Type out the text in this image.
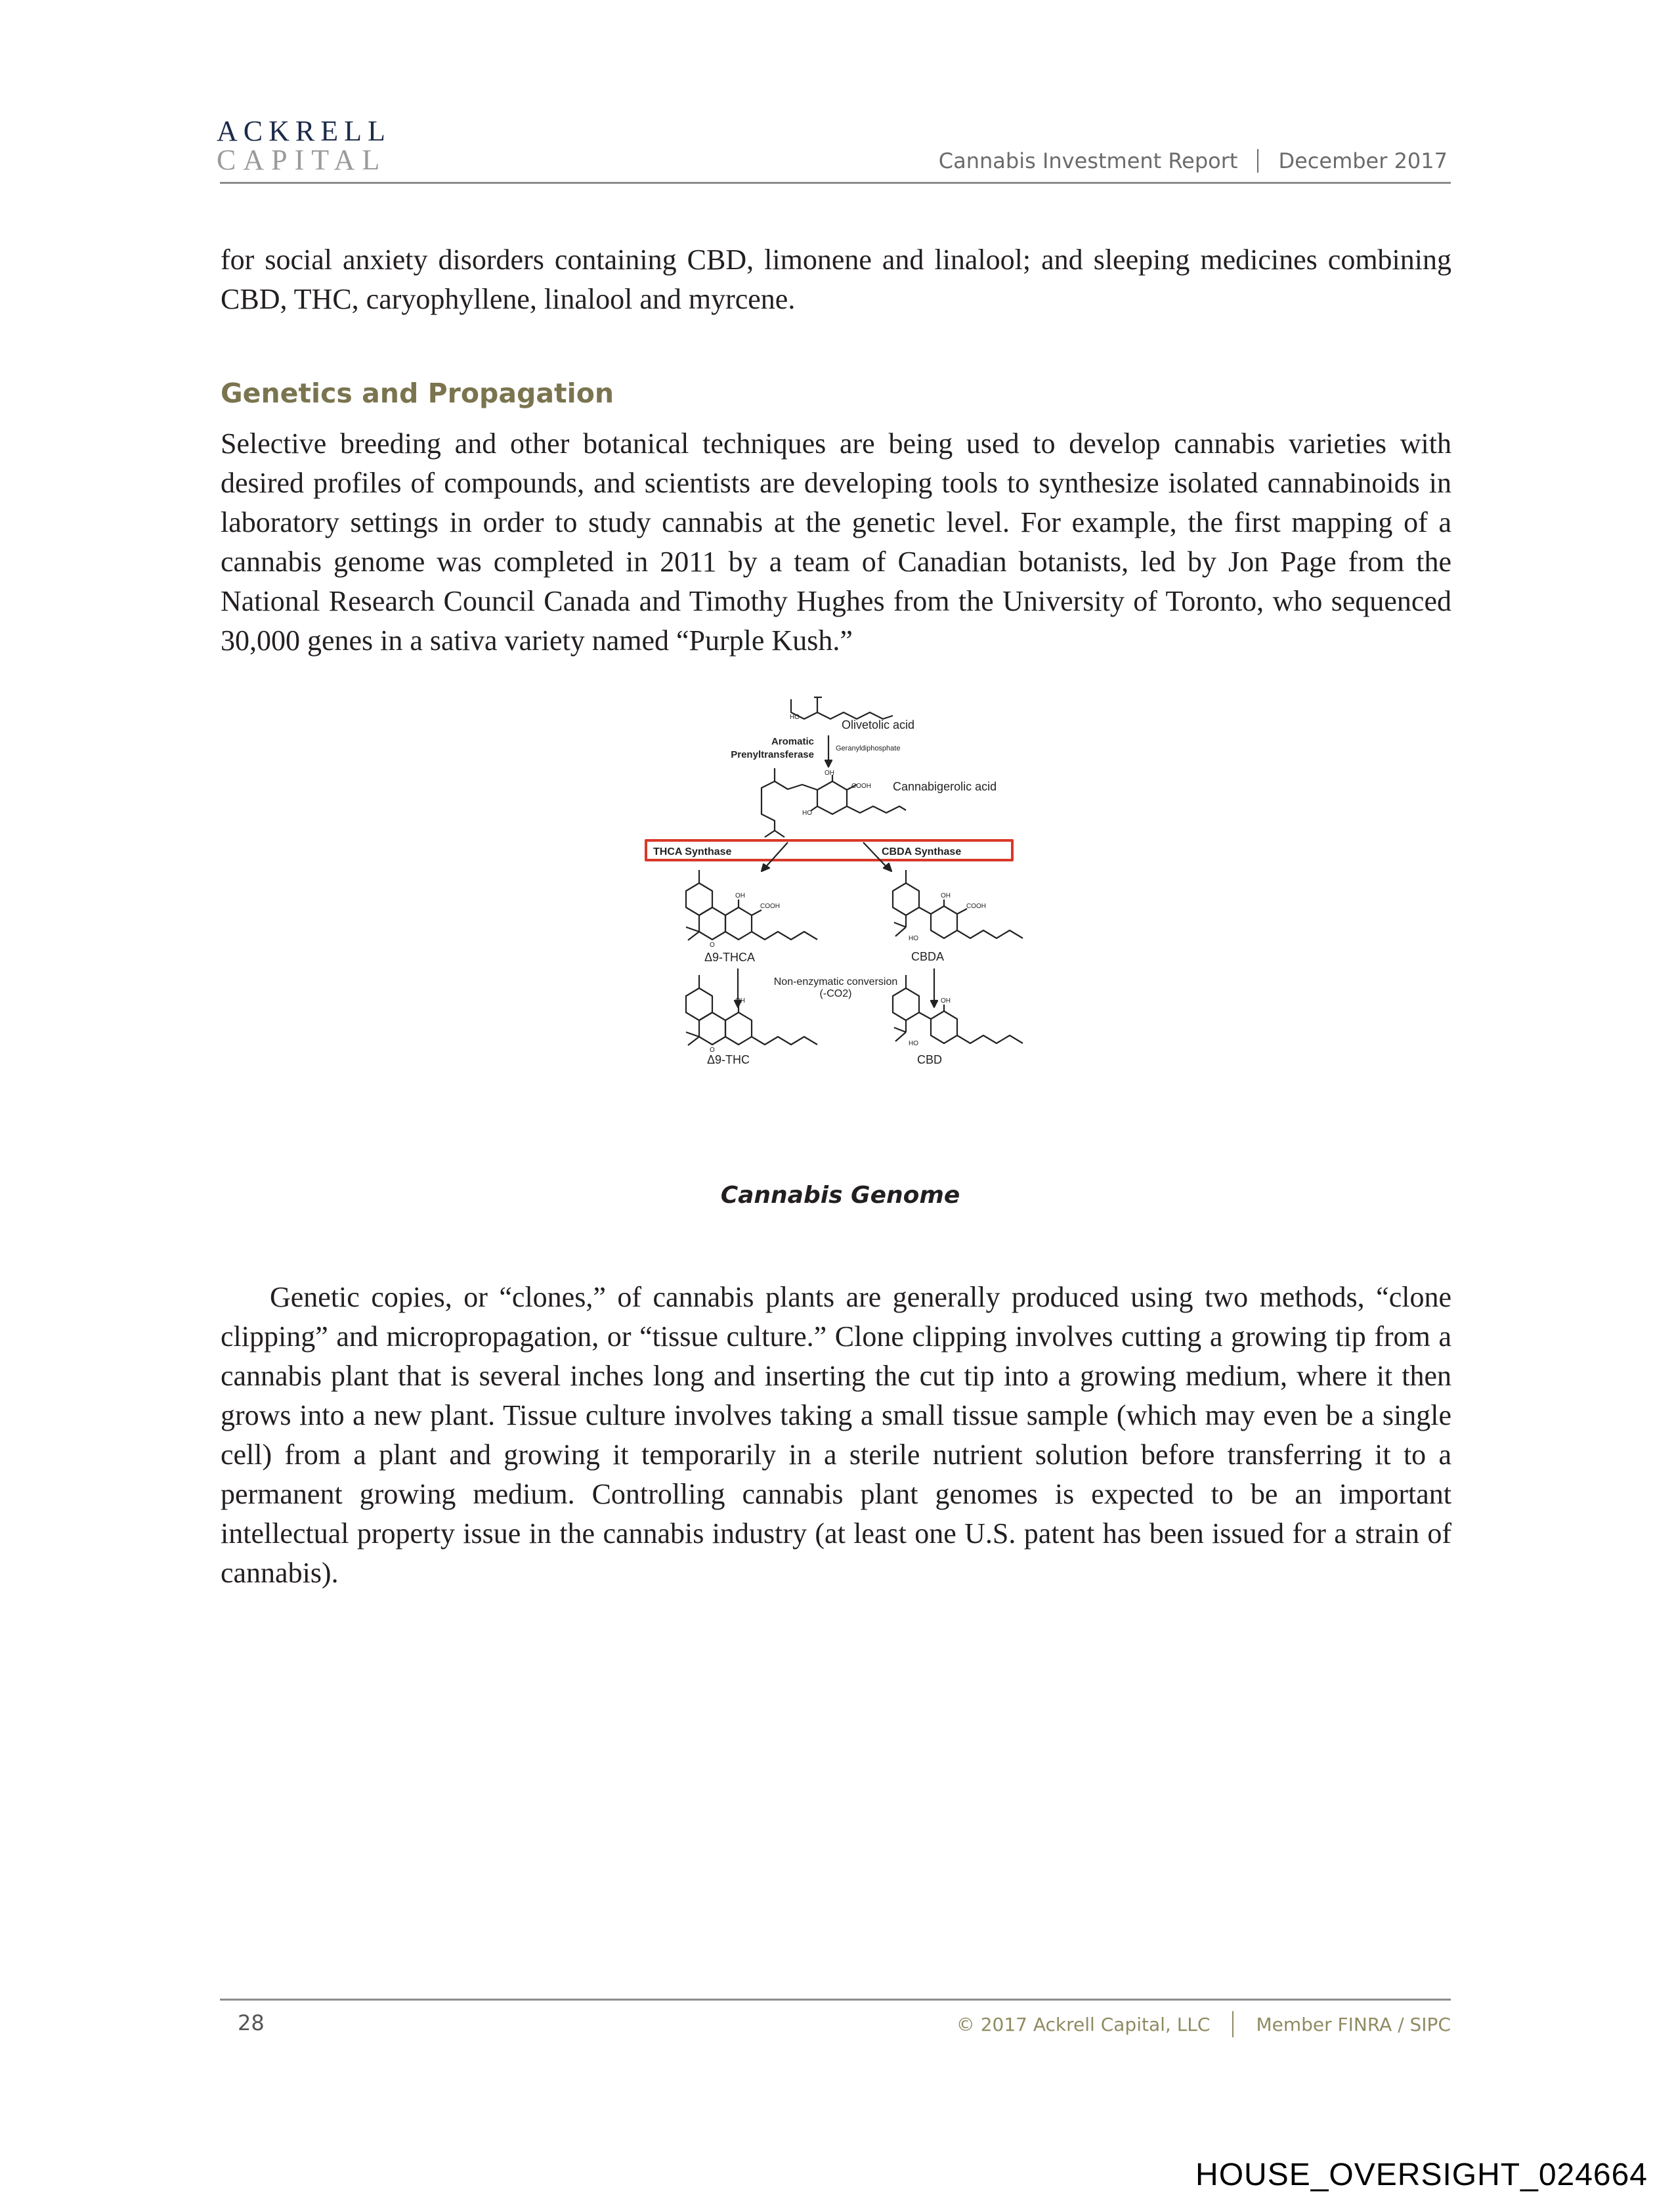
ACKRELL
CAPITAL	Cannabis Investment Report December 2017
for social anxiety disorders containing CBD, limonene and linalool; and sleeping medicines combining CBD, THC, caryophyllene, linalool and myrcene.
Genetics and Propagation
Selective breeding and other botanical techniques are being used to develop cannabis varieties with desired profiles of compounds, and scientists are developing tools to synthesize isolated cannabinoids in laboratory settings in order to study cannabis at the genetic level. For example, the first mapping of a cannabis genome was completed in 2011 by a team of Canadian botanists, led by Jon Page from the National Research Council Canada and Timothy Hughes from the University of Toronto, who sequenced 30,000 genes in a sativa variety named “Purple Kush.”
HO
Olivetolic acid
Aromatic
Prenyltransferase
Geranyldiphosphate
OH
COOH
HO
Cannabigerolic acid
THCA Synthase	CBDA Synthase
OH
COOH
O
Δ9-THCA
OH
COOH
HO
CBDA
Non-enzymatic conversion
(-CO2)
OH
O
Δ9-THC
OH
HO
CBD
Cannabis Genome
Genetic copies, or “clones,” of cannabis plants are generally produced using two methods, “clone clipping” and micropropagation, or “tissue culture.” Clone clipping involves cutting a growing tip from a cannabis plant that is several inches long and inserting the cut tip into a growing medium, where it then grows into a new plant. Tissue culture involves taking a small tissue sample (which may even be a single cell) from a plant and growing it temporarily in a sterile nutrient solution before transferring it to a permanent growing medium. Controlling cannabis plant genomes is expected to be an important intellectual property issue in the cannabis industry (at least one U.S. patent has been issued for a strain of cannabis).
28	© 2017 Ackrell Capital, LLC	Member FINRA / SIPC
HOUSE_OVERSIGHT_024664
